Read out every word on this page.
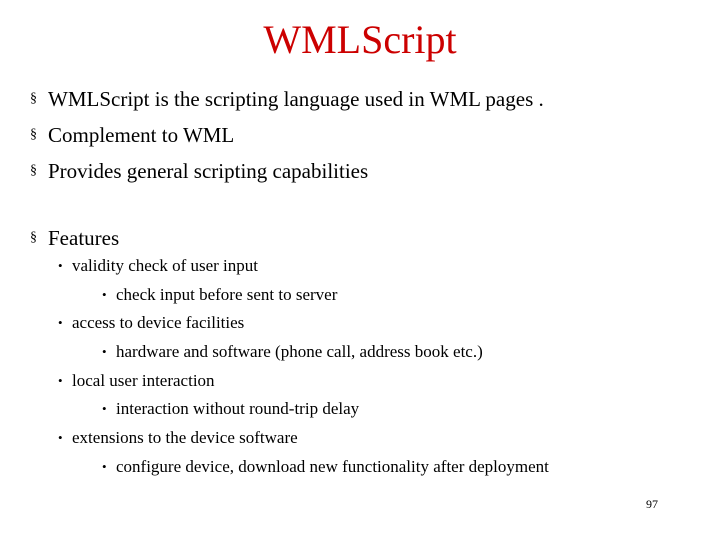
WMLScript
§ WMLScript is the scripting language used in WML pages .
§ Complement to WML
§ Provides general scripting capabilities
§ Features
• validity check of user input
• check input before sent to server
• access to device facilities
• hardware and software (phone call, address book etc.)
• local user interaction
• interaction without round-trip delay
• extensions to the device software
• configure device, download new functionality after deployment
97
